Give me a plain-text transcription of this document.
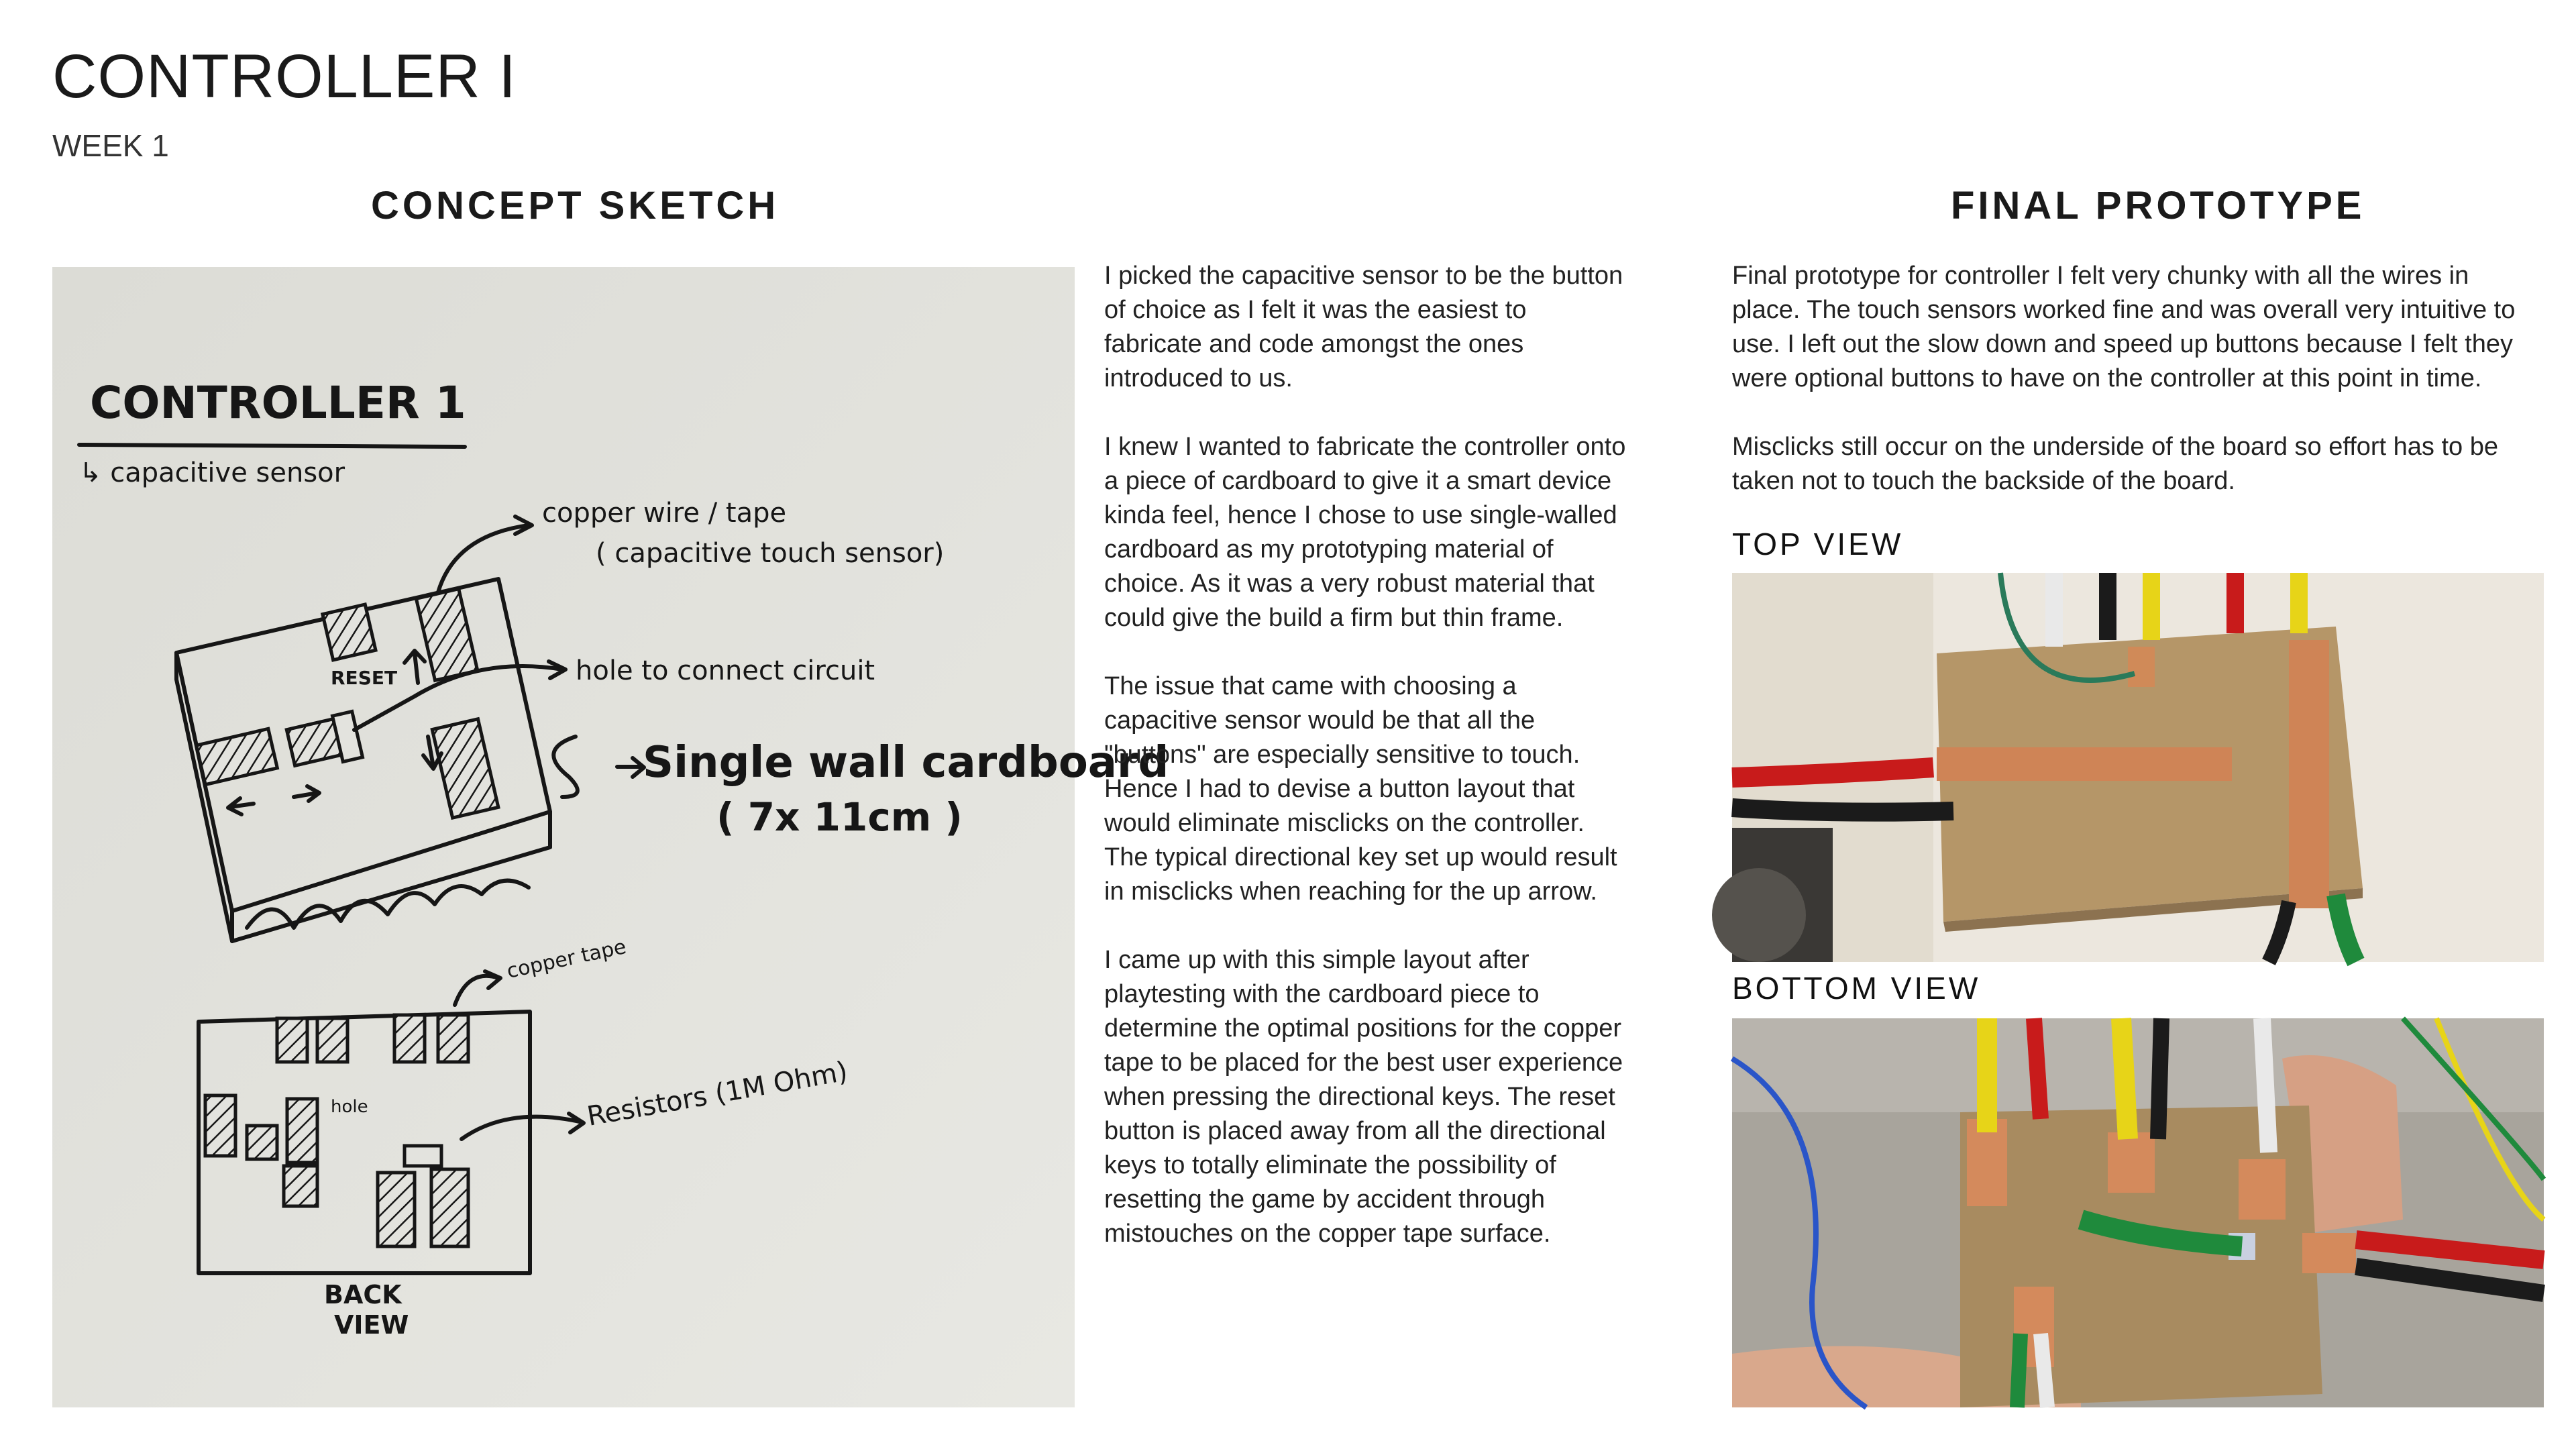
CONTROLLER I
WEEK 1
CONCEPT SKETCH	FINAL PROTOTYPE
CONTROLLER 1
↳ capacitive sensor
RESET
copper wire / tape
( capacitive touch sensor)
hole to connect circuit
Single wall cardboard
( 7x 11cm )
hole
copper tape
Resistors (1M Ohm)
BACK
VIEW
I picked the capacitive sensor to be the button of choice as I felt it was the easiest to fabricate and code amongst the ones introduced to us.

I knew I wanted to fabricate the controller onto a piece of cardboard to give it a smart device kinda feel, hence I chose to use single-walled cardboard as my prototyping material of choice. As it was a very robust material that could give the build a firm but thin frame.

The issue that came with choosing a capacitive sensor would be that all the "buttons" are especially sensitive to touch. Hence I had to devise a button layout that would eliminate misclicks on the controller. The typical directional key set up would result in misclicks when reaching for the up arrow.

I came up with this simple layout after playtesting with the cardboard piece to determine the optimal positions for the copper tape to be placed for the best user experience when pressing the directional keys. The reset button is placed away from all the directional keys to totally eliminate the possibility of resetting the game by accident through mistouches on the copper tape surface.
Final prototype for controller I felt very chunky with all the wires in place. The touch sensors worked fine and was overall very intuitive to use. I left out the slow down and speed up buttons because I felt they were optional buttons to have on the controller at this point in time.

Misclicks still occur on the underside of the board so effort has to be taken not to touch the backside of the board.
TOP VIEW
BOTTOM VIEW
